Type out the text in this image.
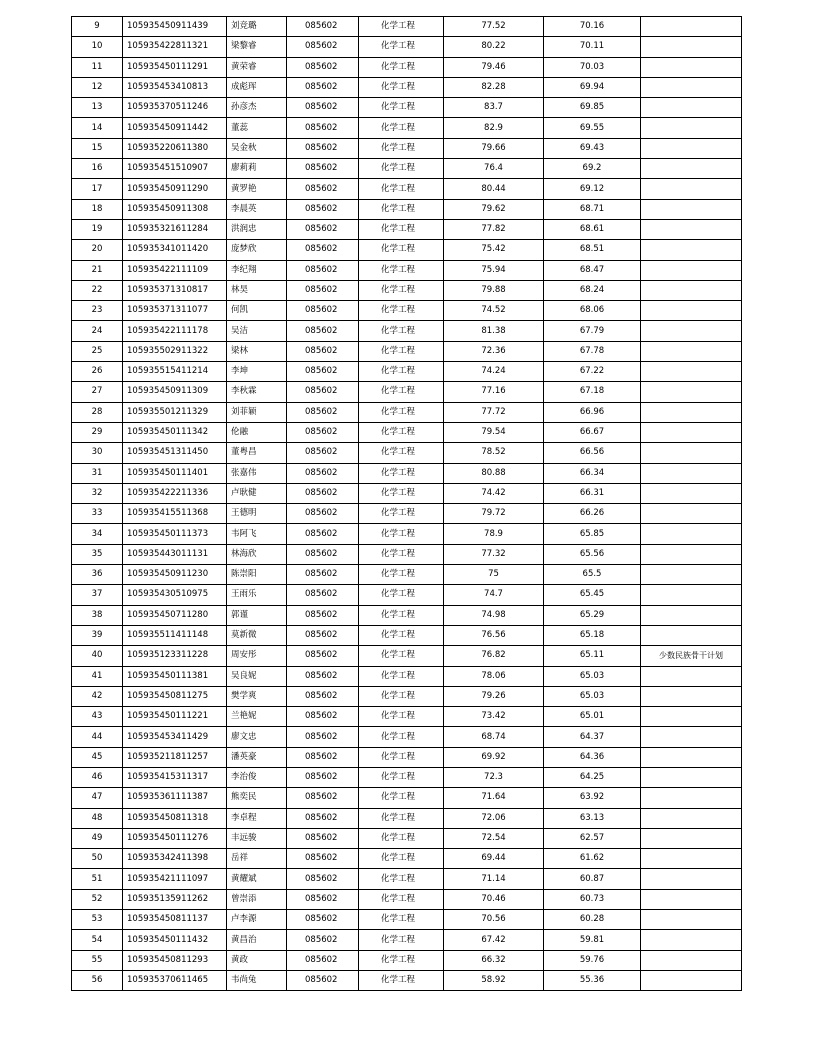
9	105935450911439	刘竞璐	085602	化学工程	77.52	70.16	
10	105935422811321	梁黎睿	085602	化学工程	80.22	70.11	
11	105935450111291	黄荣睿	085602	化学工程	79.46	70.03	
12	105935453410813	成彪珲	085602	化学工程	82.28	69.94	
13	105935370511246	孙彦杰	085602	化学工程	83.7	69.85	
14	105935450911442	董蕊	085602	化学工程	82.9	69.55	
15	105935220611380	吴金秋	085602	化学工程	79.66	69.43	
16	105935451510907	廖莉莉	085602	化学工程	76.4	69.2	
17	105935450911290	黄罗艳	085602	化学工程	80.44	69.12	
18	105935450911308	李晨英	085602	化学工程	79.62	68.71	
19	105935321611284	洪润忠	085602	化学工程	77.82	68.61	
20	105935341011420	庞梦欣	085602	化学工程	75.42	68.51	
21	105935422111109	李纪翔	085602	化学工程	75.94	68.47	
22	105935371310817	林昊	085602	化学工程	79.88	68.24	
23	105935371311077	何凯	085602	化学工程	74.52	68.06	
24	105935422111178	吴洁	085602	化学工程	81.38	67.79	
25	105935502911322	梁林	085602	化学工程	72.36	67.78	
26	105935515411214	李坤	085602	化学工程	74.24	67.22	
27	105935450911309	李秋霖	085602	化学工程	77.16	67.18	
28	105935501211329	刘菲颖	085602	化学工程	77.72	66.96	
29	105935450111342	伦融	085602	化学工程	79.54	66.67	
30	105935451311450	董粤昌	085602	化学工程	78.52	66.56	
31	105935450111401	张嘉伟	085602	化学工程	80.88	66.34	
32	105935422211336	卢耿健	085602	化学工程	74.42	66.31	
33	105935415511368	王德明	085602	化学工程	79.72	66.26	
34	105935450111373	韦阿飞	085602	化学工程	78.9	65.85	
35	105935443011131	林海欣	085602	化学工程	77.32	65.56	
36	105935450911230	陈崇阳	085602	化学工程	75	65.5	
37	105935430510975	王雨乐	085602	化学工程	74.7	65.45	
38	105935450711280	郭谨	085602	化学工程	74.98	65.29	
39	105935511411148	莫新微	085602	化学工程	76.56	65.18	
40	105935123311228	周安彤	085602	化学工程	76.82	65.11	少数民族骨干计划
41	105935450111381	吴良妮	085602	化学工程	78.06	65.03	
42	105935450811275	樊学爽	085602	化学工程	79.26	65.03	
43	105935450111221	兰艳妮	085602	化学工程	73.42	65.01	
44	105935453411429	廖文忠	085602	化学工程	68.74	64.37	
45	105935211811257	潘英豪	085602	化学工程	69.92	64.36	
46	105935415311317	李治俊	085602	化学工程	72.3	64.25	
47	105935361111387	熊奕民	085602	化学工程	71.64	63.92	
48	105935450811318	李卓程	085602	化学工程	72.06	63.13	
49	105935450111276	丰远骏	085602	化学工程	72.54	62.57	
50	105935342411398	岳祥	085602	化学工程	69.44	61.62	
51	105935421111097	黄耀斌	085602	化学工程	71.14	60.87	
52	105935135911262	曾崇添	085602	化学工程	70.46	60.73	
53	105935450811137	卢李源	085602	化学工程	70.56	60.28	
54	105935450111432	黄昌治	085602	化学工程	67.42	59.81	
55	105935450811293	黄政	085602	化学工程	66.32	59.76	
56	105935370611465	韦尚兔	085602	化学工程	58.92	55.36	
